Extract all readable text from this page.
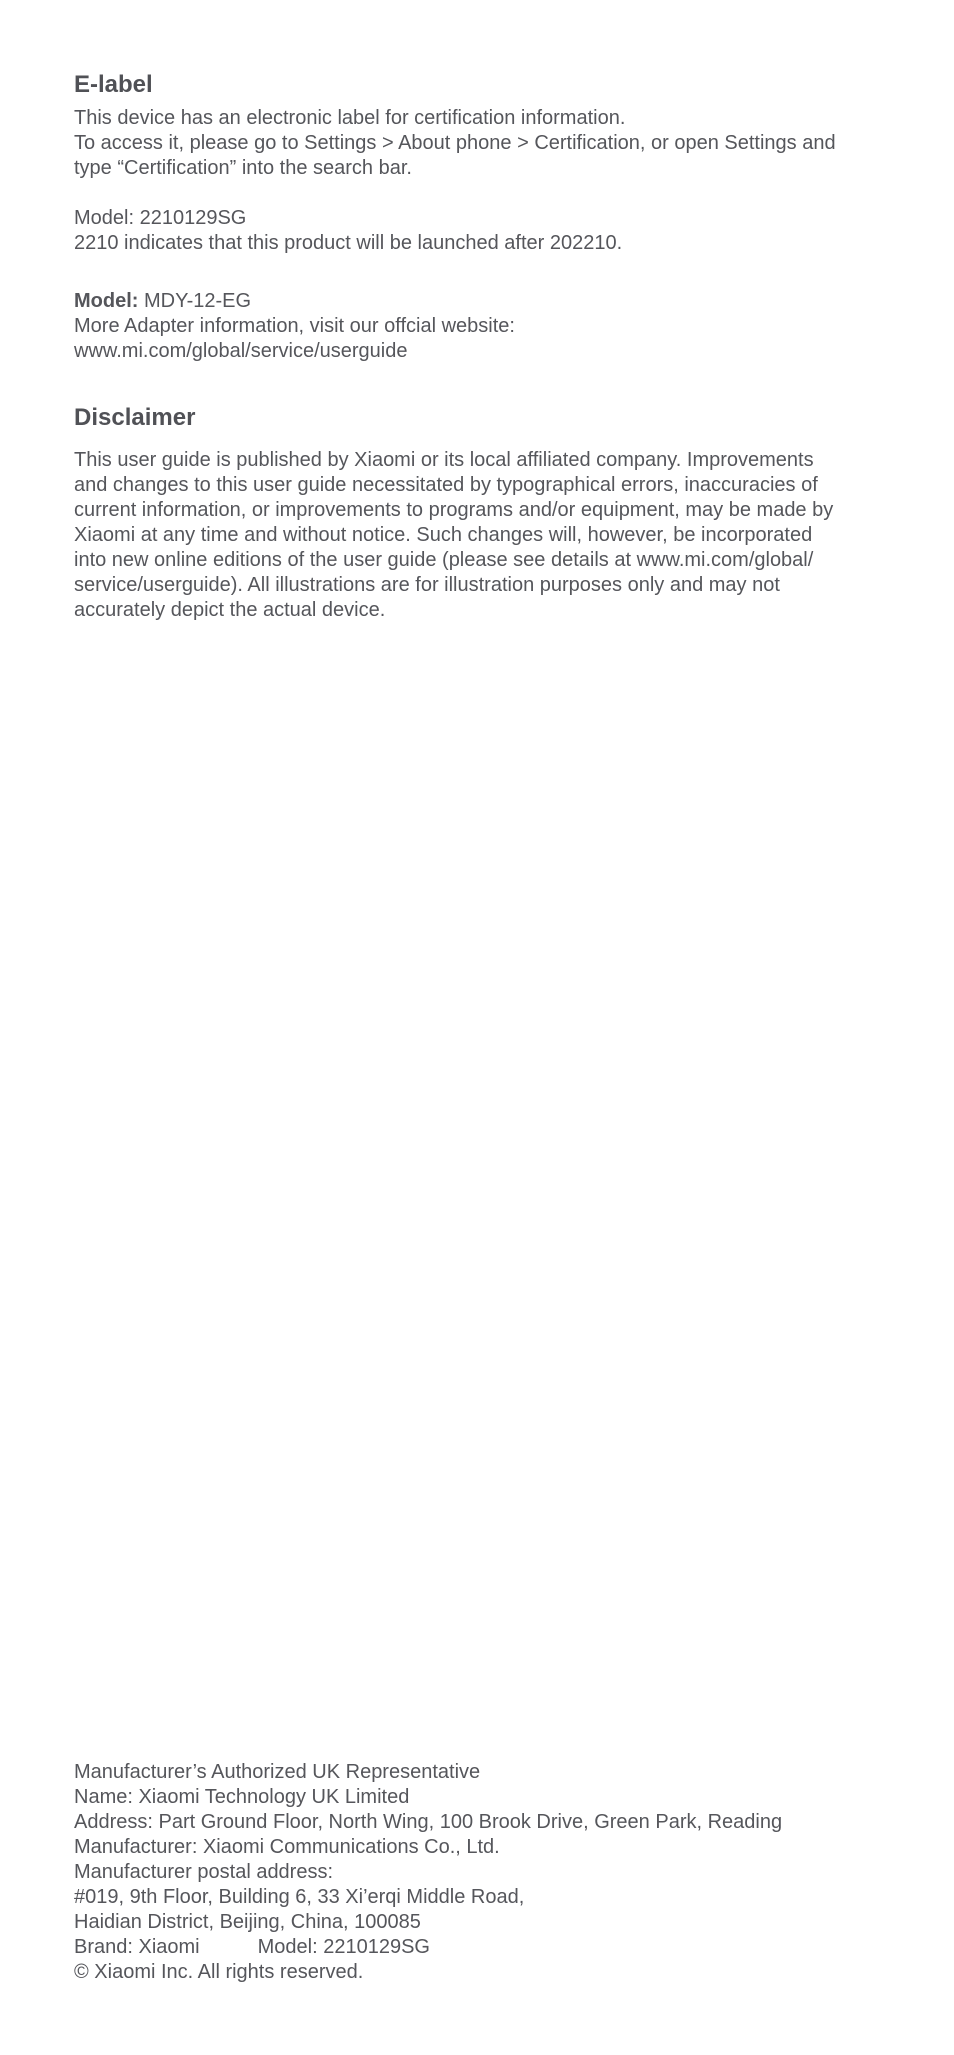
E-label

This device has an electronic label for certification information.
To access it, please go to Settings > About phone > Certification, or open Settings and
type “Certification” into the search bar.

Model: 2210129SG
2210 indicates that this product will be launched after 202210.

Model: MDY-12-EG
More Adapter information, visit our offcial website:
www.mi.com/global/service/userguide

Disclaimer

This user guide is published by Xiaomi or its local affiliated company. Improvements
and changes to this user guide necessitated by typographical errors, inaccuracies of
current information, or improvements to programs and/or equipment, may be made by
Xiaomi at any time and without notice. Such changes will, however, be incorporated
into new online editions of the user guide (please see details at www.mi.com/global/
service/userguide). All illustrations are for illustration purposes only and may not
accurately depict the actual device.

Manufacturer’s Authorized UK Representative
Name: Xiaomi Technology UK Limited
Address: Part Ground Floor, North Wing, 100 Brook Drive, Green Park, Reading
Manufacturer: Xiaomi Communications Co., Ltd.
Manufacturer postal address:
#019, 9th Floor, Building 6, 33 Xi’erqi Middle Road,
Haidian District, Beijing, China, 100085
Brand: Xiaomi	Model: 2210129SG
© Xiaomi Inc. All rights reserved.
